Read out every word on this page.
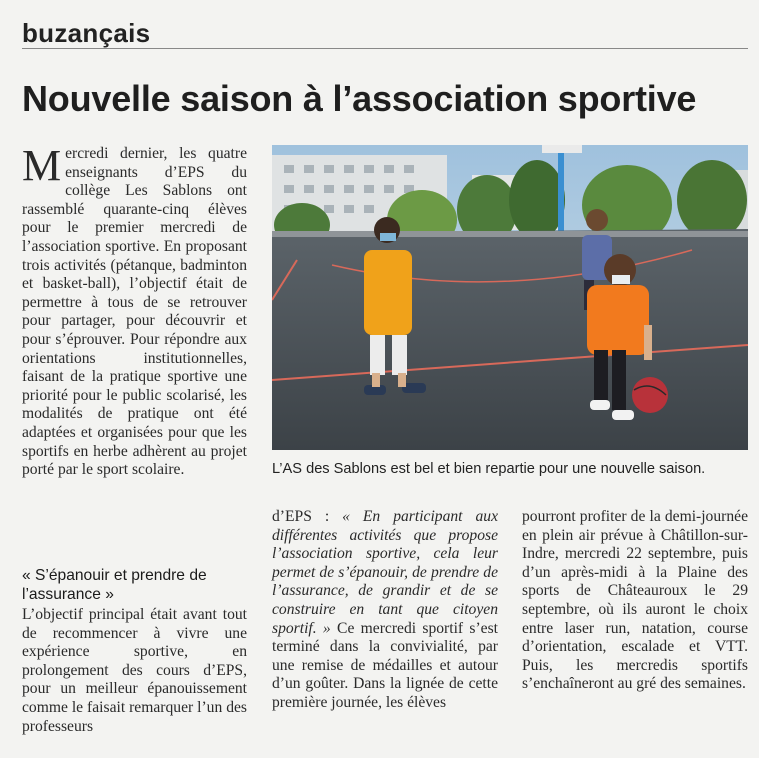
buzançais
Nouvelle saison à l’association sportive
Mercredi dernier, les quatre enseignants d’EPS du collège Les Sablons ont rassemblé quarante-cinq élèves pour le premier mercredi de l’association sportive. En proposant trois activités (pétanque, badminton et basket-ball), l’objectif était de permettre à tous de se retrouver pour partager, pour découvrir et pour s’éprouver. Pour répondre aux orientations institutionnelles, faisant de la pratique sportive une priorité pour le public scolarisé, les modalités de pratique ont été adaptées et organisées pour que les sportifs en herbe adhèrent au projet porté par le sport scolaire.
« S’épanouir et prendre de l’assurance »
L’objectif principal était avant tout de recommencer à vivre une expérience sportive, en prolongement des cours d’EPS, pour un meilleur épanouissement comme le faisait remarquer l’un des professeurs
L’AS des Sablons est bel et bien repartie pour une nouvelle saison.
d’EPS : « En participant aux différentes activités que propose l’association sportive, cela leur permet de s’épanouir, de prendre de l’assurance, de grandir et de se construire en tant que citoyen sportif. » Ce mercredi sportif s’est terminé dans la convivialité, par une remise de médailles et autour d’un goûter. Dans la lignée de cette première journée, les élèves
pourront profiter de la demi-journée en plein air prévue à Châtillon-sur-Indre, mercredi 22 septembre, puis d’un après-midi à la Plaine des sports de Châteauroux le 29 septembre, où ils auront le choix entre laser run, natation, course d’orientation, escalade et VTT. Puis, les mercredis sportifs s’enchaîneront au gré des semaines.
